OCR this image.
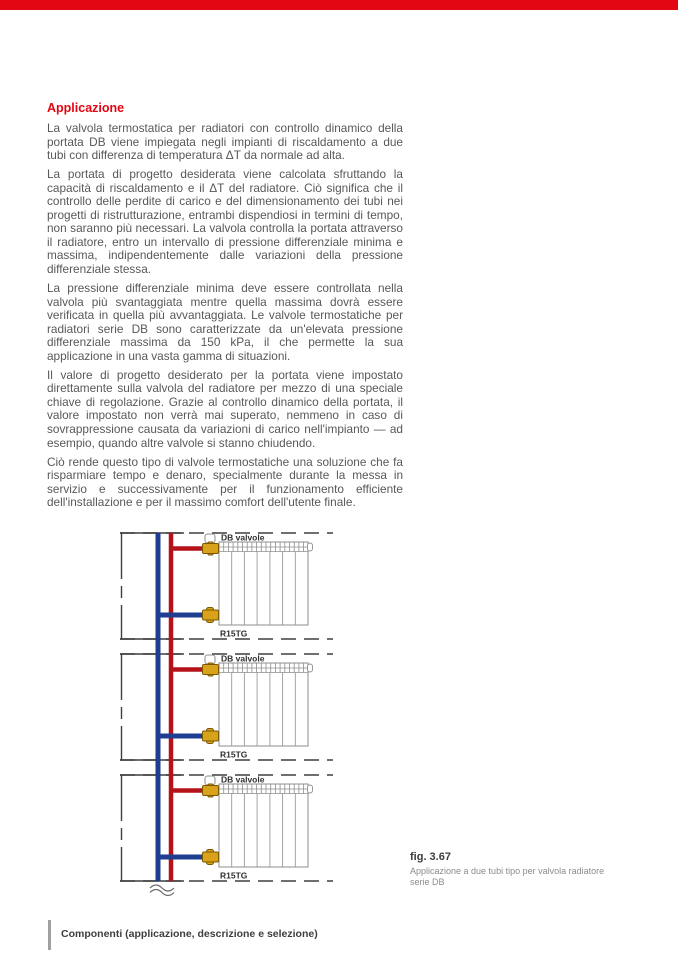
Applicazione

La valvola termostatica per radiatori con controllo dinamico della portata DB viene impiegata negli impianti di riscaldamento a due tubi con differenza di temperatura ΔT da normale ad alta.

La portata di progetto desiderata viene calcolata sfruttando la capacità di riscaldamento e il ΔT del radiatore. Ciò significa che il controllo delle perdite di carico e del dimensionamento dei tubi nei progetti di ristrutturazione, entrambi dispendiosi in termini di tempo, non saranno più necessari. La valvola controlla la portata attraverso il radiatore, entro un intervallo di pressione differenziale minima e massima, indipendentemente dalle variazioni della pressione differenziale stessa.

La pressione differenziale minima deve essere controllata nella valvola più svantaggiata mentre quella massima dovrà essere verificata in quella più avvantaggiata. Le valvole termostatiche per radiatori serie DB sono caratterizzate da un'elevata pressione differenziale massima da 150 kPa, il che permette la sua applicazione in una vasta gamma di situazioni.

Il valore di progetto desiderato per la portata viene impostato direttamente sulla valvola del radiatore per mezzo di una speciale chiave di regolazione. Grazie al controllo dinamico della portata, il valore impostato non verrà mai superato, nemmeno in caso di sovrappressione causata da variazioni di carico nell'impianto — ad esempio, quando altre valvole si stanno chiudendo.

Ciò rende questo tipo di valvole termostatiche una soluzione che fa risparmiare tempo e denaro, specialmente durante la messa in servizio e successivamente per il funzionamento efficiente dell'installazione e per il massimo comfort dell'utente finale.

DB valvole
DB valvole
DB valvole
R15TG
R15TG
R15TG
fig. 3.67
Applicazione a due tubi tipo per valvola radiatore serie DB
Componenti (applicazione, descrizione e selezione)
